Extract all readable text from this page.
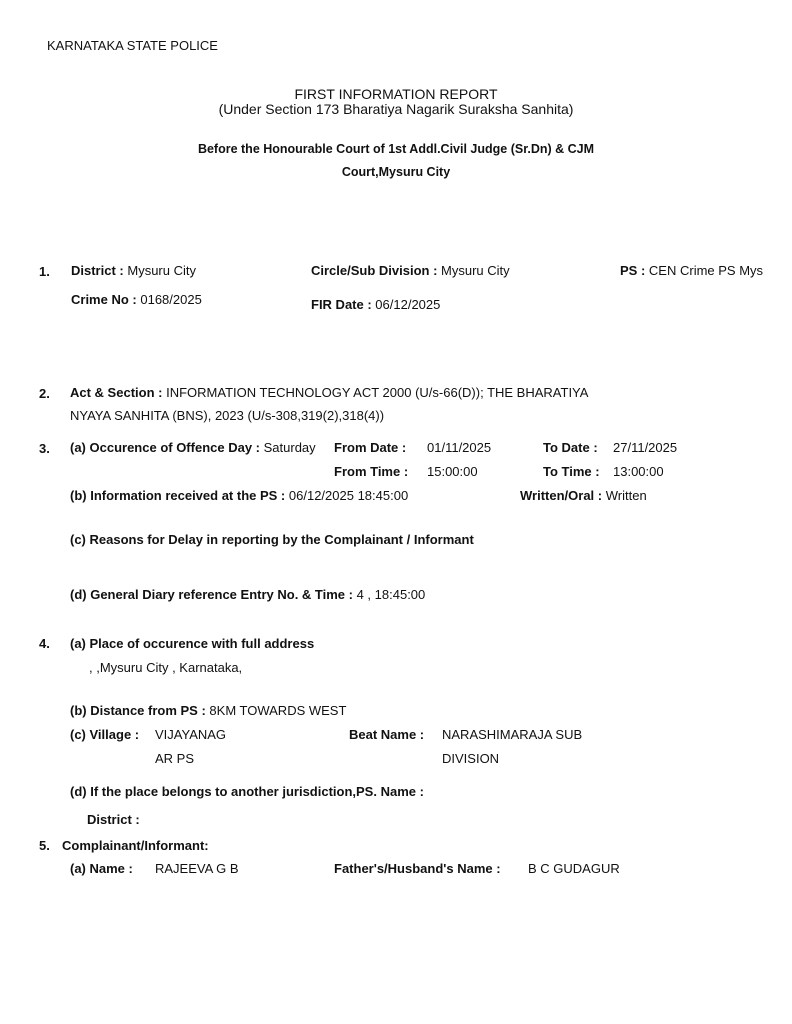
KARNATAKA STATE POLICE
FIRST INFORMATION REPORT
(Under Section 173 Bharatiya Nagarik Suraksha Sanhita)
Before the Honourable Court of 1st Addl.Civil Judge (Sr.Dn) & CJM
Court,Mysuru City
1. District : Mysuru City	Circle/Sub Division : Mysuru City	PS : CEN Crime PS Mys
Crime No : 0168/2025	FIR Date : 06/12/2025
2. Act & Section : INFORMATION TECHNOLOGY ACT 2000 (U/s-66(D)); THE BHARATIYA
NYAYA SANHITA (BNS), 2023 (U/s-308,319(2),318(4))
3. (a) Occurence of Offence Day : Saturday From Date : 01/11/2025	To Date : 27/11/2025
From Time : 15:00:00	To Time : 13:00:00
(b) Information received at the PS : 06/12/2025 18:45:00	Written/Oral : Written
(c) Reasons for Delay in reporting by the Complainant / Informant
(d) General Diary reference Entry No. & Time : 4 , 18:45:00
4. (a) Place of occurence with full address
, ,Mysuru City , Karnataka,
(b) Distance from PS : 8KM TOWARDS WEST
(c) Village : VIJAYANAG
AR PS
Beat Name : NARASHIMARAJA SUB
DIVISION
(d) If the place belongs to another jurisdiction,PS. Name :
District :
5. Complainant/Informant:
(a) Name : RAJEEVA G B	Father's/Husband's Name : B C GUDAGUR
